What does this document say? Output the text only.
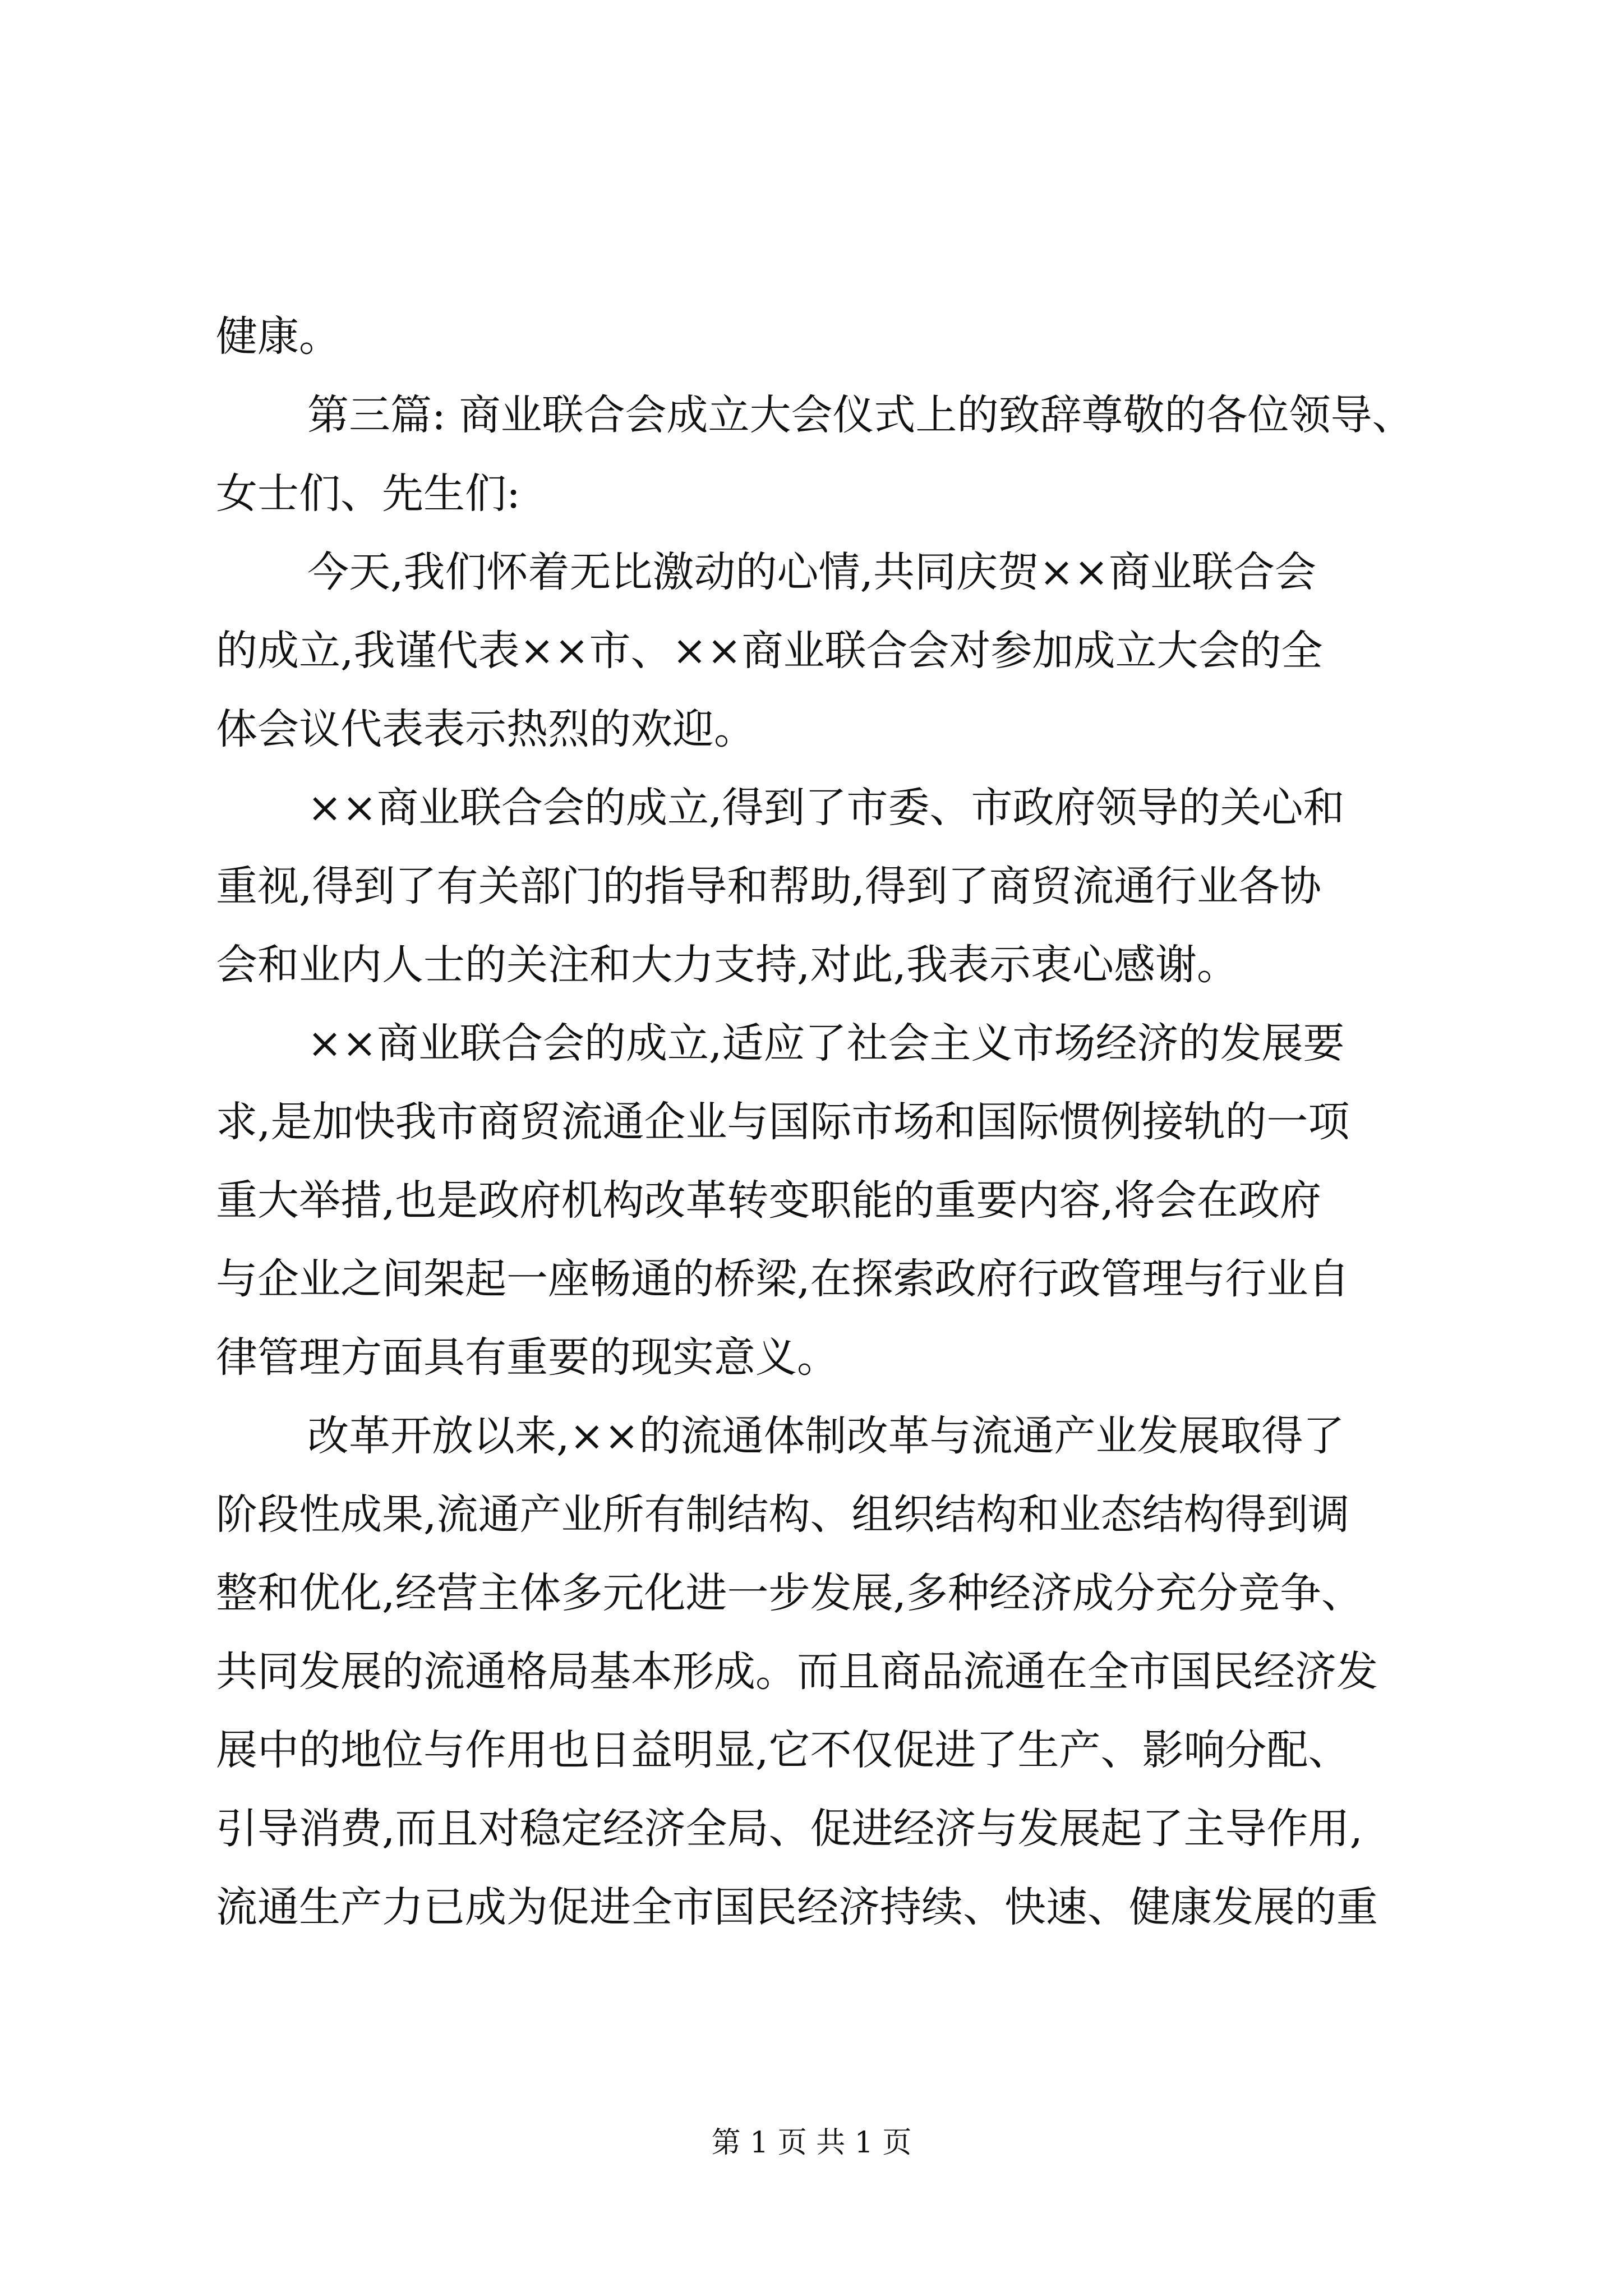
健康。
第三篇: 商业联合会成立大会仪式上的致辞尊敬的各位领导、
女士们、先生们:
今天,我们怀着无比激动的心情,共同庆贺××商业联合会
的成立,我谨代表××市、××商业联合会对参加成立大会的全
体会议代表表示热烈的欢迎。
××商业联合会的成立,得到了市委、市政府领导的关心和
重视,得到了有关部门的指导和帮助,得到了商贸流通行业各协
会和业内人士的关注和大力支持,对此,我表示衷心感谢。
××商业联合会的成立,适应了社会主义市场经济的发展要
求,是加快我市商贸流通企业与国际市场和国际惯例接轨的一项
重大举措,也是政府机构改革转变职能的重要内容,将会在政府
与企业之间架起一座畅通的桥梁,在探索政府行政管理与行业自
律管理方面具有重要的现实意义。
改革开放以来,××的流通体制改革与流通产业发展取得了
阶段性成果,流通产业所有制结构、组织结构和业态结构得到调
整和优化,经营主体多元化进一步发展,多种经济成分充分竞争、
共同发展的流通格局基本形成。而且商品流通在全市国民经济发
展中的地位与作用也日益明显,它不仅促进了生产、影响分配、
引导消费,而且对稳定经济全局、促进经济与发展起了主导作用,
流通生产力已成为促进全市国民经济持续、快速、健康发展的重
第 1 页 共 1 页
